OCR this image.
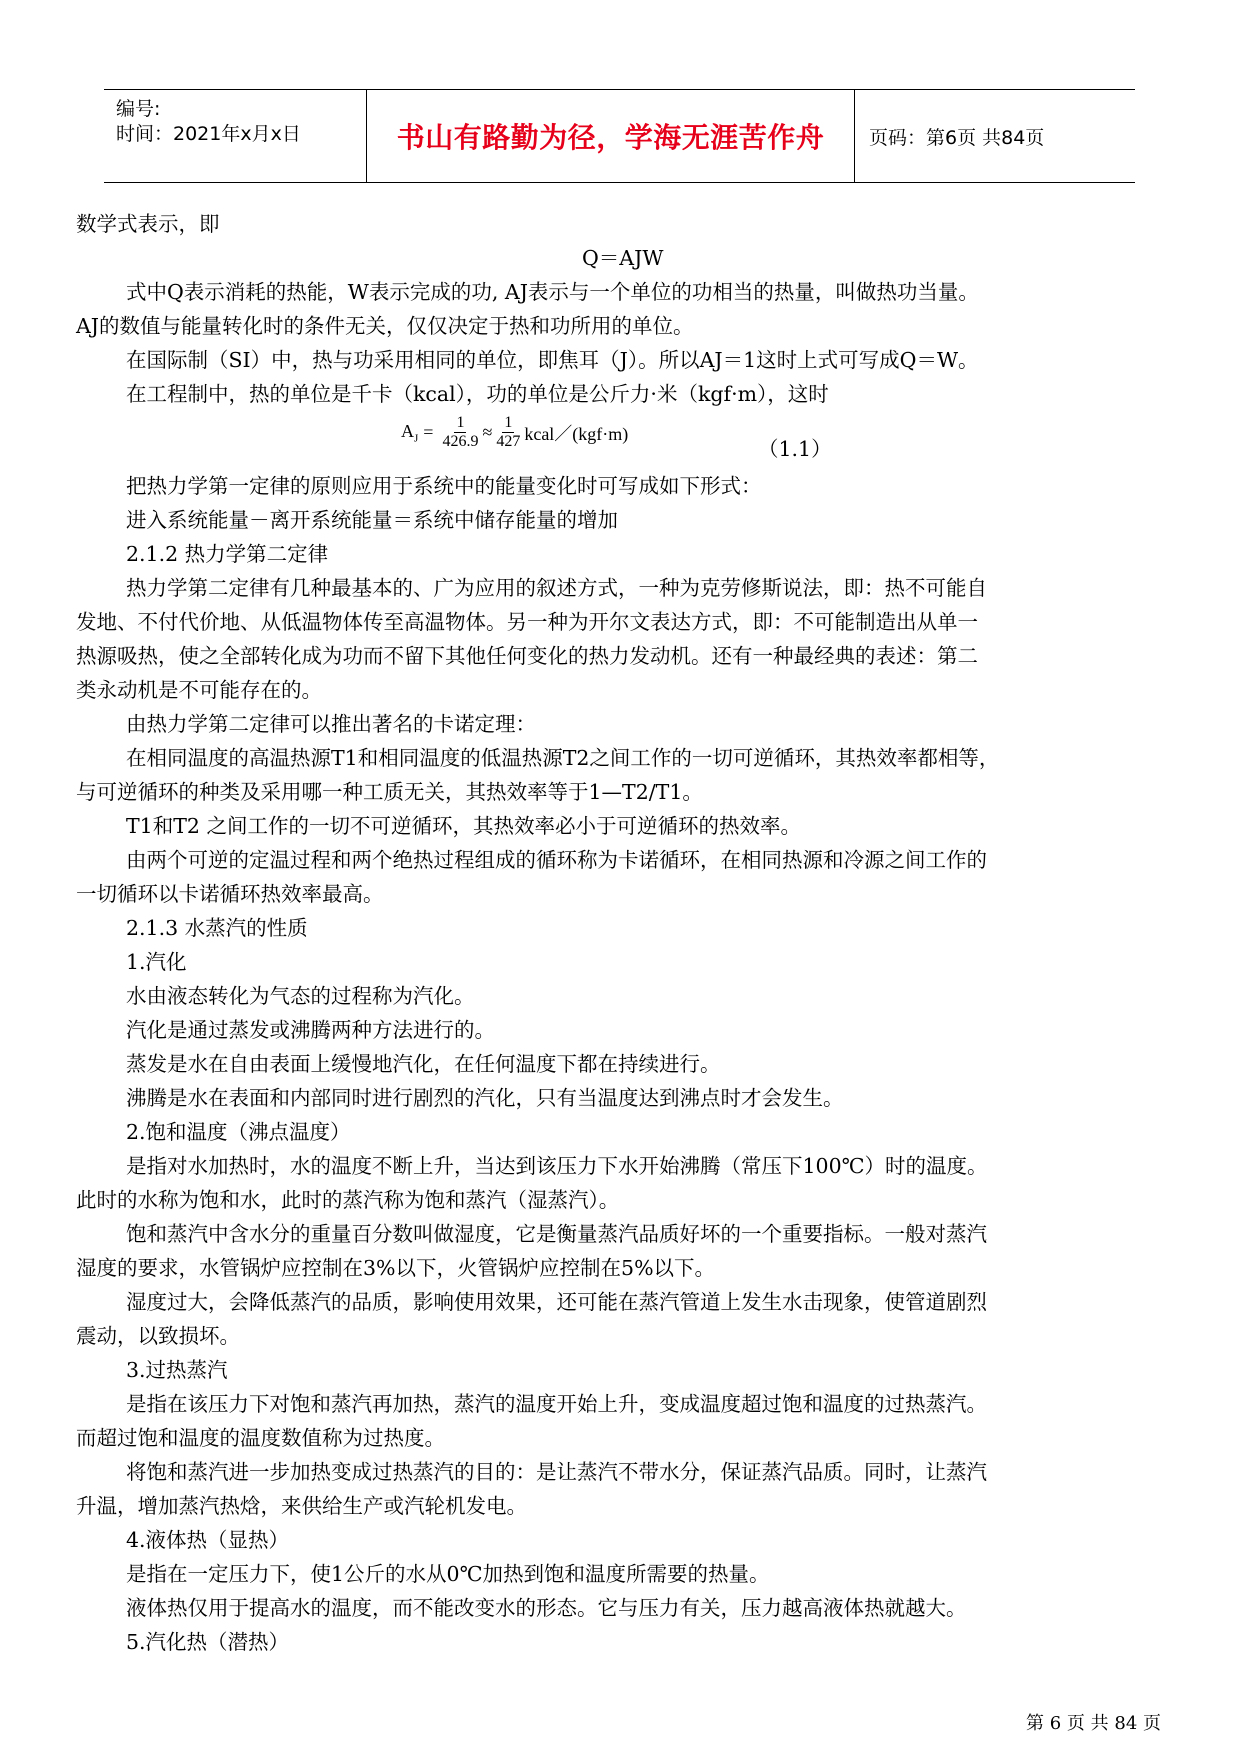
编号:
时间：2021年x月x日	书山有路勤为径，学海无涯苦作舟 页码：第6页 共84页
数学式表示，即
Q＝AJW
式中Q表示消耗的热能，W表示完成的功, AJ表示与一个单位的功相当的热量，叫做热功当量。
AJ的数值与能量转化时的条件无关，仅仅决定于热和功所用的单位。
在国际制（SI）中，热与功采用相同的单位，即焦耳（J）。所以AJ＝1这时上式可写成Q＝W。
在工程制中，热的单位是千卡（kcal），功的单位是公斤力·米（kgf·m），这时
$A_J = \frac{1}{426.9} \approx \frac{1}{427}$ kcal／(kgf·m)
（1.1）
把热力学第一定律的原则应用于系统中的能量变化时可写成如下形式：
进入系统能量－离开系统能量＝系统中储存能量的增加
2.1.2 热力学第二定律
热力学第二定律有几种最基本的、广为应用的叙述方式，一种为克劳修斯说法，即：热不可能自
发地、不付代价地、从低温物体传至高温物体。另一种为开尔文表达方式，即：不可能制造出从单一
热源吸热，使之全部转化成为功而不留下其他任何变化的热力发动机。还有一种最经典的表述：第二
类永动机是不可能存在的。
由热力学第二定律可以推出著名的卡诺定理：
在相同温度的高温热源T1和相同温度的低温热源T2之间工作的一切可逆循环，其热效率都相等，
与可逆循环的种类及采用哪一种工质无关，其热效率等于1—T2/T1。
T1和T2 之间工作的一切不可逆循环，其热效率必小于可逆循环的热效率。
由两个可逆的定温过程和两个绝热过程组成的循环称为卡诺循环，在相同热源和冷源之间工作的
一切循环以卡诺循环热效率最高。
2.1.3 水蒸汽的性质
1.汽化
水由液态转化为气态的过程称为汽化。
汽化是通过蒸发或沸腾两种方法进行的。
蒸发是水在自由表面上缓慢地汽化，在任何温度下都在持续进行。
沸腾是水在表面和内部同时进行剧烈的汽化，只有当温度达到沸点时才会发生。
2.饱和温度（沸点温度）
是指对水加热时，水的温度不断上升，当达到该压力下水开始沸腾（常压下100℃）时的温度。
此时的水称为饱和水，此时的蒸汽称为饱和蒸汽（湿蒸汽）。
饱和蒸汽中含水分的重量百分数叫做湿度，它是衡量蒸汽品质好坏的一个重要指标。一般对蒸汽
湿度的要求，水管锅炉应控制在3%以下，火管锅炉应控制在5%以下。
湿度过大，会降低蒸汽的品质，影响使用效果，还可能在蒸汽管道上发生水击现象，使管道剧烈
震动，以致损坏。
3.过热蒸汽
是指在该压力下对饱和蒸汽再加热，蒸汽的温度开始上升，变成温度超过饱和温度的过热蒸汽。
而超过饱和温度的温度数值称为过热度。
将饱和蒸汽进一步加热变成过热蒸汽的目的：是让蒸汽不带水分，保证蒸汽品质。同时，让蒸汽
升温，增加蒸汽热焓，来供给生产或汽轮机发电。
4.液体热（显热）
是指在一定压力下，使1公斤的水从0℃加热到饱和温度所需要的热量。
液体热仅用于提高水的温度，而不能改变水的形态。它与压力有关，压力越高液体热就越大。
5.汽化热（潜热）
第 6 页 共 84 页
